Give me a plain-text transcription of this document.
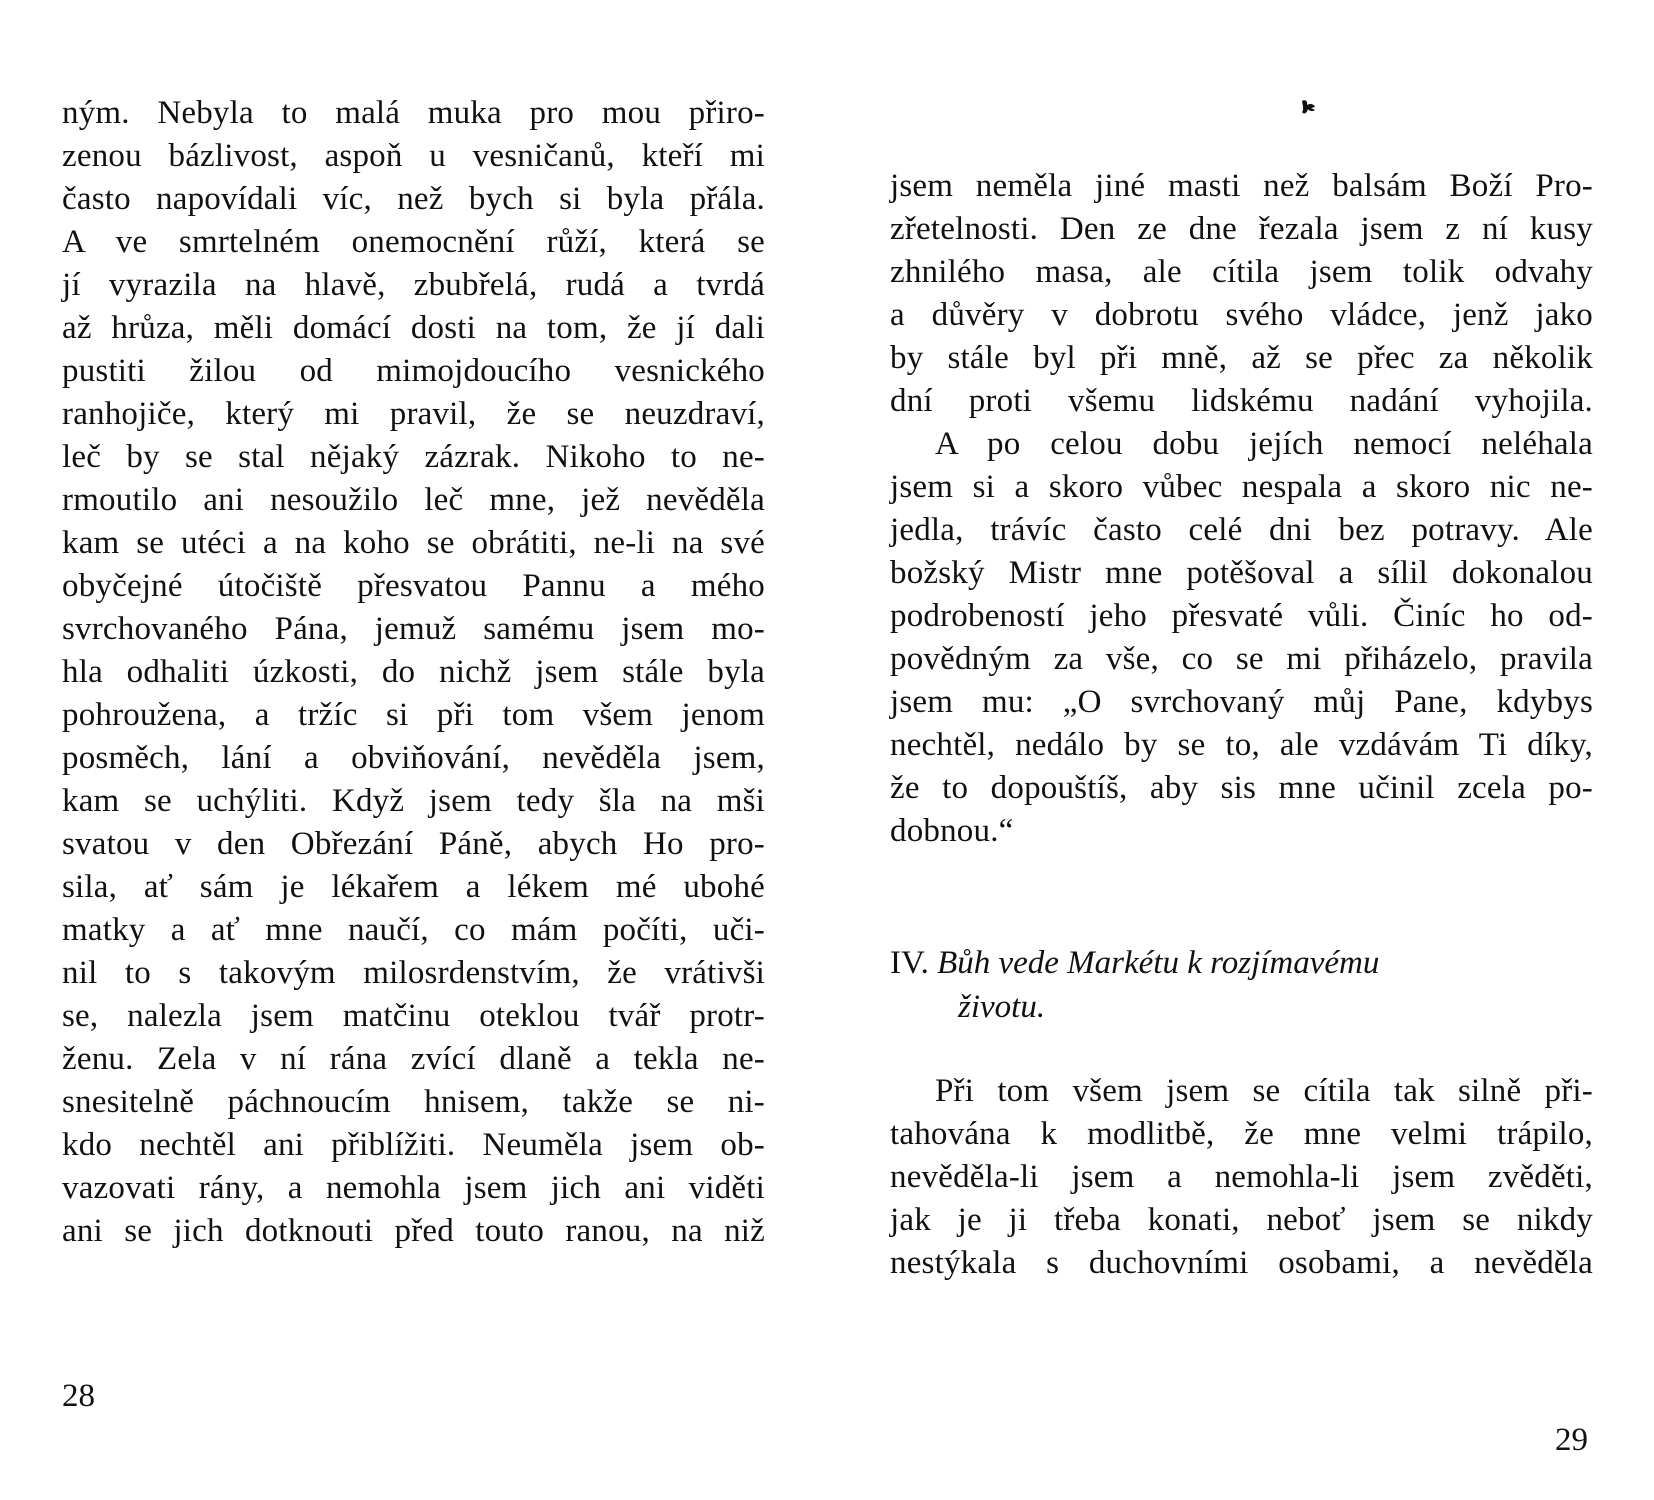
ným. Nebyla to malá muka pro mou přiro-
zenou bázlivost, aspoň u vesničanů, kteří mi
často napovídali víc, než bych si byla přála.
A ve smrtelném onemocnění růží, která se
jí vyrazila na hlavě, zbubřelá, rudá a tvrdá
až hrůza, měli domácí dosti na tom, že jí dali
pustiti žilou od mimojdoucího vesnického
ranhojiče, který mi pravil, že se neuzdraví,
leč by se stal nějaký zázrak. Nikoho to ne-
rmoutilo ani nesoužilo leč mne, jež nevěděla
kam se utéci a na koho se obrátiti, ne-li na své
obyčejné útočiště přesvatou Pannu a mého
svrchovaného Pána, jemuž samému jsem mo-
hla odhaliti úzkosti, do nichž jsem stále byla
pohroužena, a tržíc si při tom všem jenom
posměch, lání a obviňování, nevěděla jsem,
kam se uchýliti. Když jsem tedy šla na mši
svatou v den Obřezání Páně, abych Ho pro-
sila, ať sám je lékařem a lékem mé ubohé
matky a ať mne naučí, co mám počíti, uči-
nil to s takovým milosrdenstvím, že vrátivši
se, nalezla jsem matčinu oteklou tvář protr-
ženu. Zela v ní rána zvící dlaně a tekla ne-
snesitelně páchnoucím hnisem, takže se ni-
kdo nechtěl ani přiblížiti. Neuměla jsem ob-
vazovati rány, a nemohla jsem jich ani viděti
ani se jich dotknouti před touto ranou, na niž
28
jsem neměla jiné masti než balsám Boží Pro-
zřetelnosti. Den ze dne řezala jsem z ní kusy
zhnilého masa, ale cítila jsem tolik odvahy
a důvěry v dobrotu svého vládce, jenž jako
by stále byl při mně, až se přec za několik
dní proti všemu lidskému nadání vyhojila.
A po celou dobu jejích nemocí neléhala
jsem si a skoro vůbec nespala a skoro nic ne-
jedla, trávíc často celé dni bez potravy. Ale
božský Mistr mne potěšoval a sílil dokonalou
podrobeností jeho přesvaté vůli. Činíc ho od-
povědným za vše, co se mi přiházelo, pravila
jsem mu: „O svrchovaný můj Pane, kdybys
nechtěl, nedálo by se to, ale vzdávám Ti díky,
že to dopouštíš, aby sis mne učinil zcela po-
dobnou.“
IV. Bůh vede Markétu k rozjímavému
životu.
Při tom všem jsem se cítila tak silně při-
tahována k modlitbě, že mne velmi trápilo,
nevěděla-li jsem a nemohla-li jsem zvěděti,
jak je ji třeba konati, neboť jsem se nikdy
nestýkala s duchovními osobami, a nevěděla
29
